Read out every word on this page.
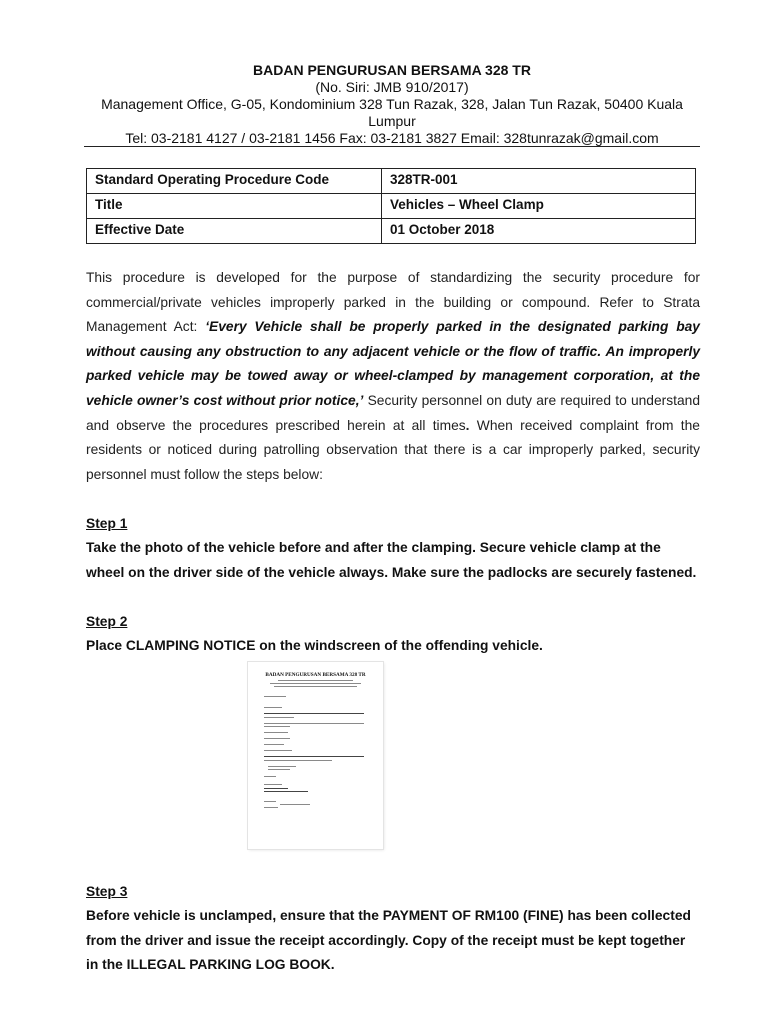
BADAN PENGURUSAN BERSAMA 328 TR
(No. Siri: JMB 910/2017)
Management Office, G-05, Kondominium 328 Tun Razak, 328, Jalan Tun Razak, 50400 Kuala Lumpur
Tel: 03-2181 4127 / 03-2181 1456 Fax: 03-2181 3827 Email: 328tunrazak@gmail.com
Standard Operating Procedure Code	328TR-001
Title	Vehicles – Wheel Clamp
Effective Date	01 October 2018
This procedure is developed for the purpose of standardizing the security procedure for commercial/private vehicles improperly parked in the building or compound. Refer to Strata Management Act: ‘Every Vehicle shall be properly parked in the designated parking bay without causing any obstruction to any adjacent vehicle or the flow of traffic. An improperly parked vehicle may be towed away or wheel-clamped by management corporation, at the vehicle owner’s cost without prior notice,’ Security personnel on duty are required to understand and observe the procedures prescribed herein at all times. When received complaint from the residents or noticed during patrolling observation that there is a car improperly parked, security personnel must follow the steps below:
Step 1
Take the photo of the vehicle before and after the clamping. Secure vehicle clamp at the wheel on the driver side of the vehicle always. Make sure the padlocks are securely fastened.
Step 2
Place CLAMPING NOTICE on the windscreen of the offending vehicle.
BADAN PENGURUSAN BERSAMA 328 TR
Step 3
Before vehicle is unclamped, ensure that the PAYMENT OF RM100 (FINE) has been collected from the driver and issue the receipt accordingly. Copy of the receipt must be kept together in the ILLEGAL PARKING LOG BOOK.
